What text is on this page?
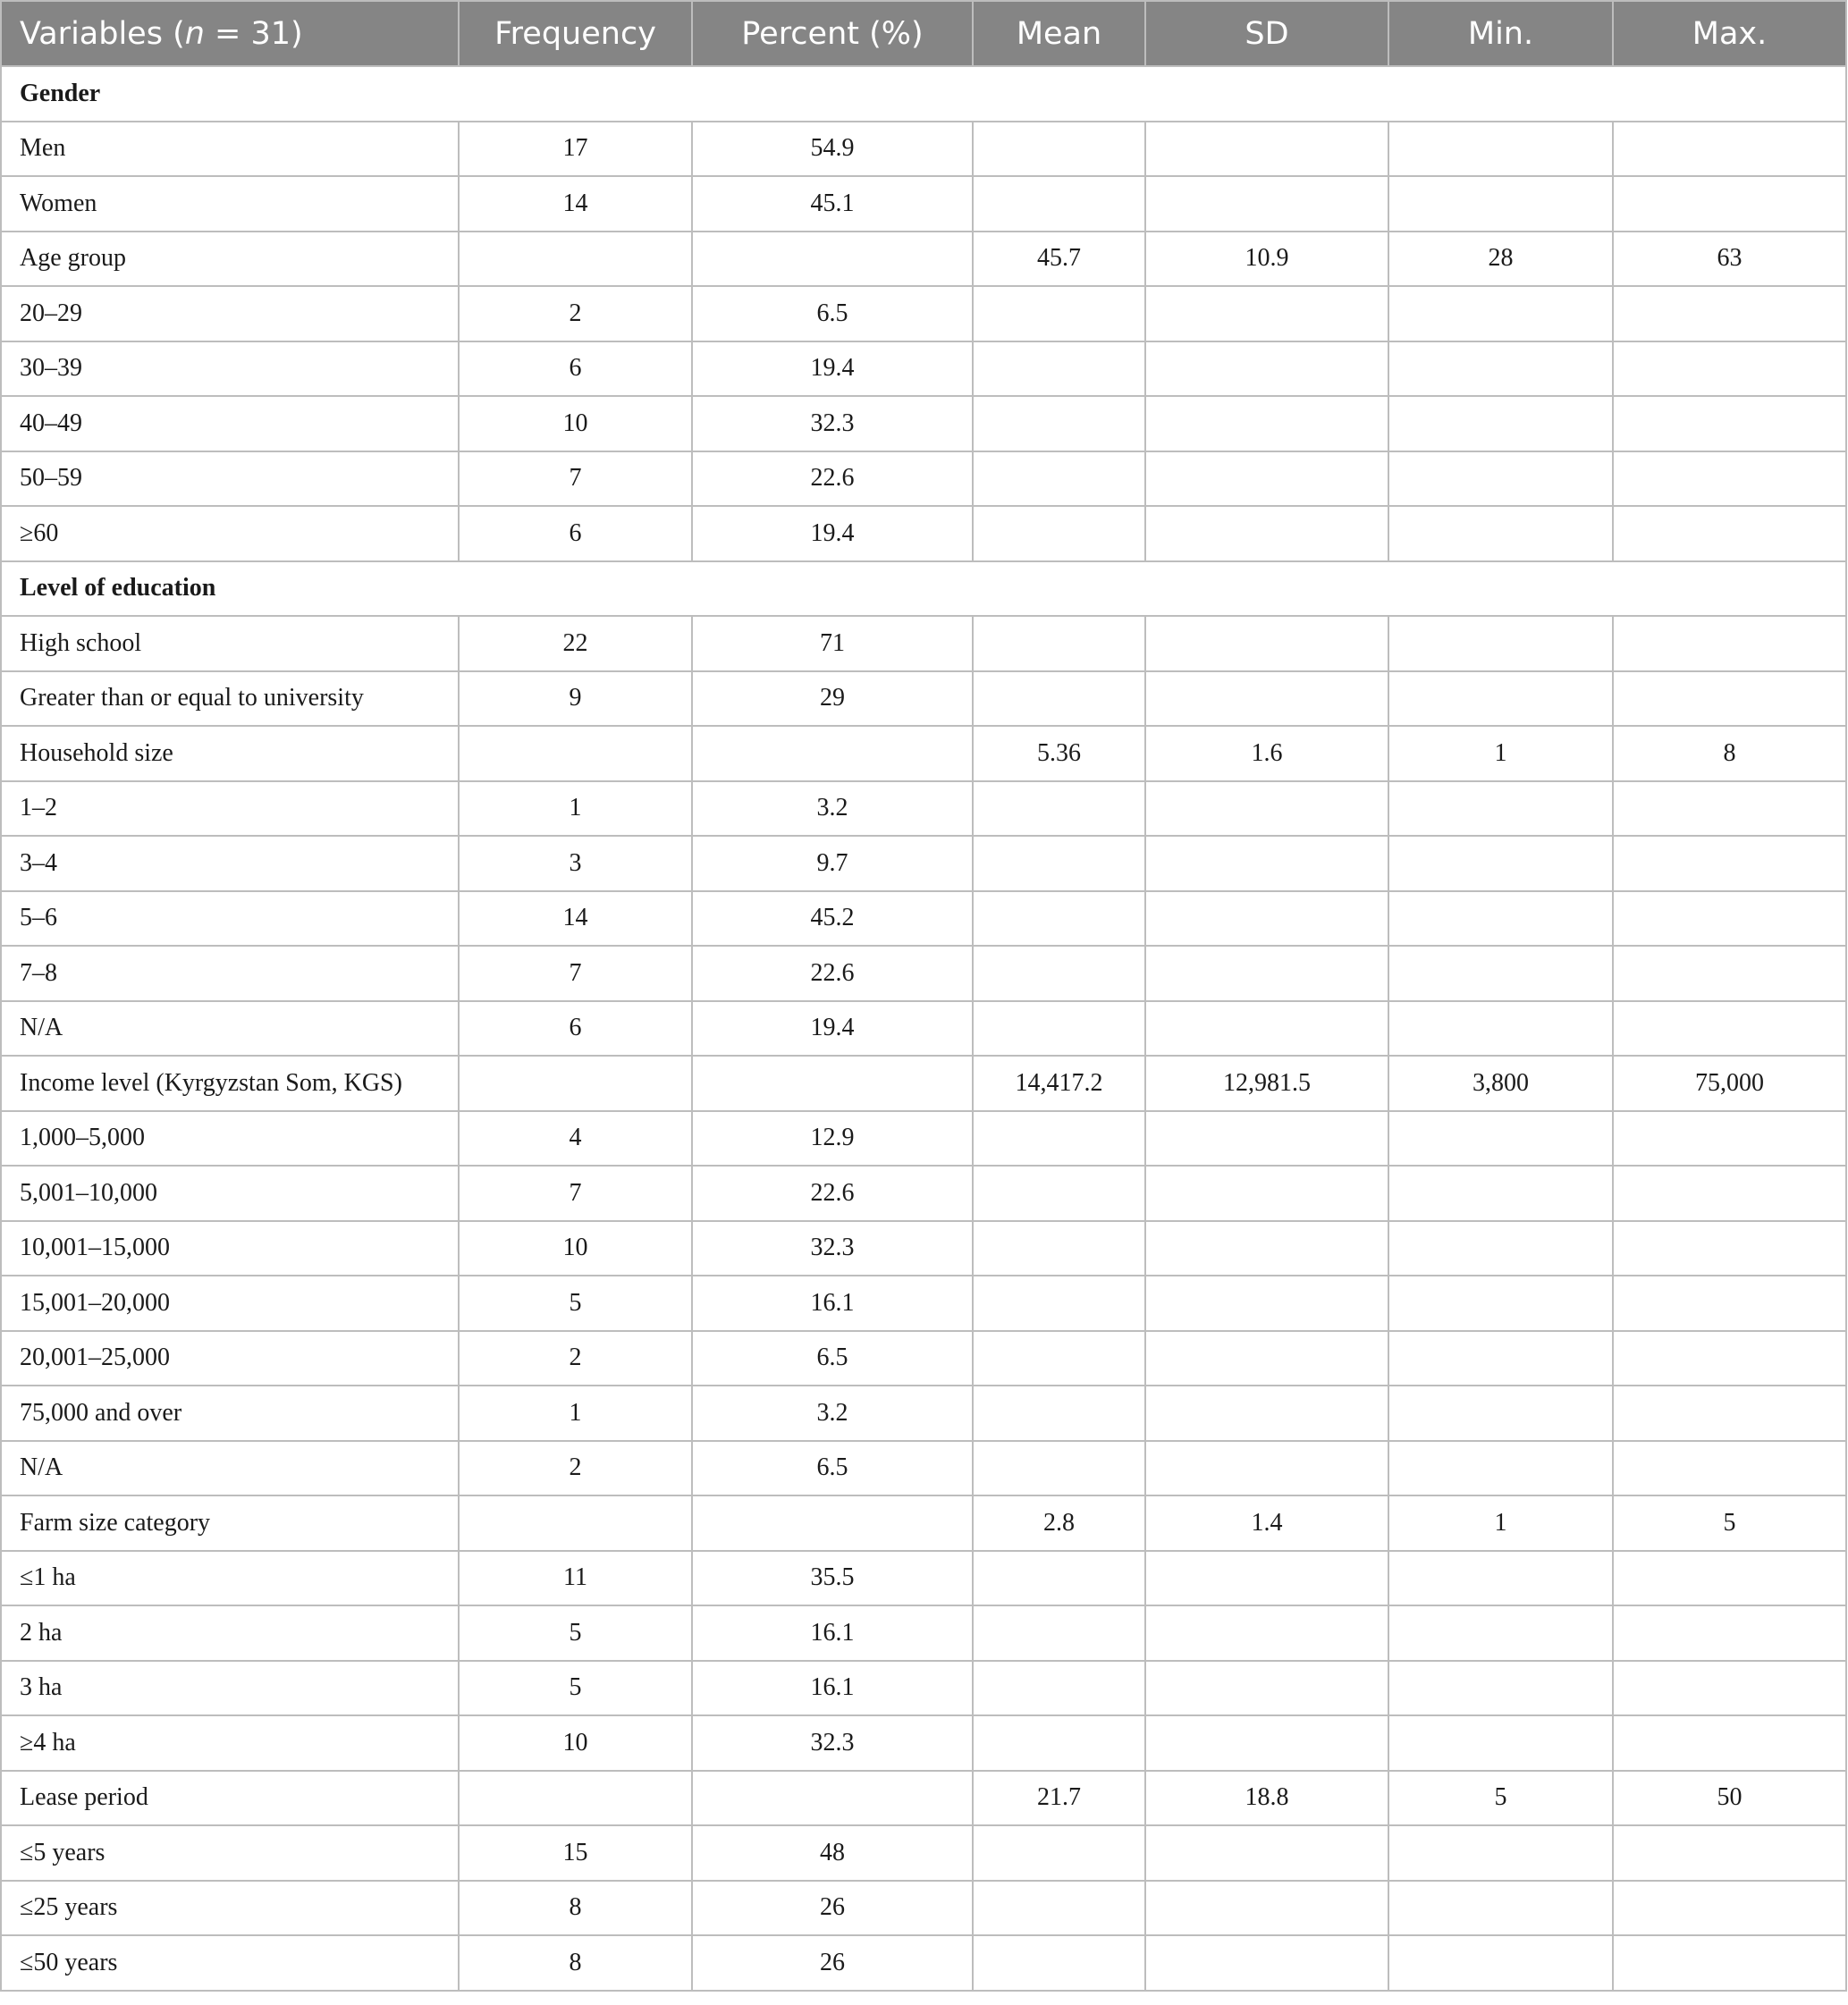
Variables (n = 31)	Frequency	Percent (%)	Mean	SD	Min.	Max.
Gender						
Men	17	54.9				
Women	14	45.1				
Age group			45.7	10.9	28	63
20–29	2	6.5				
30–39	6	19.4				
40–49	10	32.3				
50–59	7	22.6				
≥60	6	19.4				
Level of education						
High school	22	71				
Greater than or equal to university	9	29				
Household size			5.36	1.6	1	8
1–2	1	3.2				
3–4	3	9.7				
5–6	14	45.2				
7–8	7	22.6				
N/A	6	19.4				
Income level (Kyrgyzstan Som, KGS)			14,417.2	12,981.5	3,800	75,000
1,000–5,000	4	12.9				
5,001–10,000	7	22.6				
10,001–15,000	10	32.3				
15,001–20,000	5	16.1				
20,001–25,000	2	6.5				
75,000 and over	1	3.2				
N/A	2	6.5				
Farm size category			2.8	1.4	1	5
≤1 ha	11	35.5				
2 ha	5	16.1				
3 ha	5	16.1				
≥4 ha	10	32.3				
Lease period			21.7	18.8	5	50
≤5 years	15	48				
≤25 years	8	26				
≤50 years	8	26				
